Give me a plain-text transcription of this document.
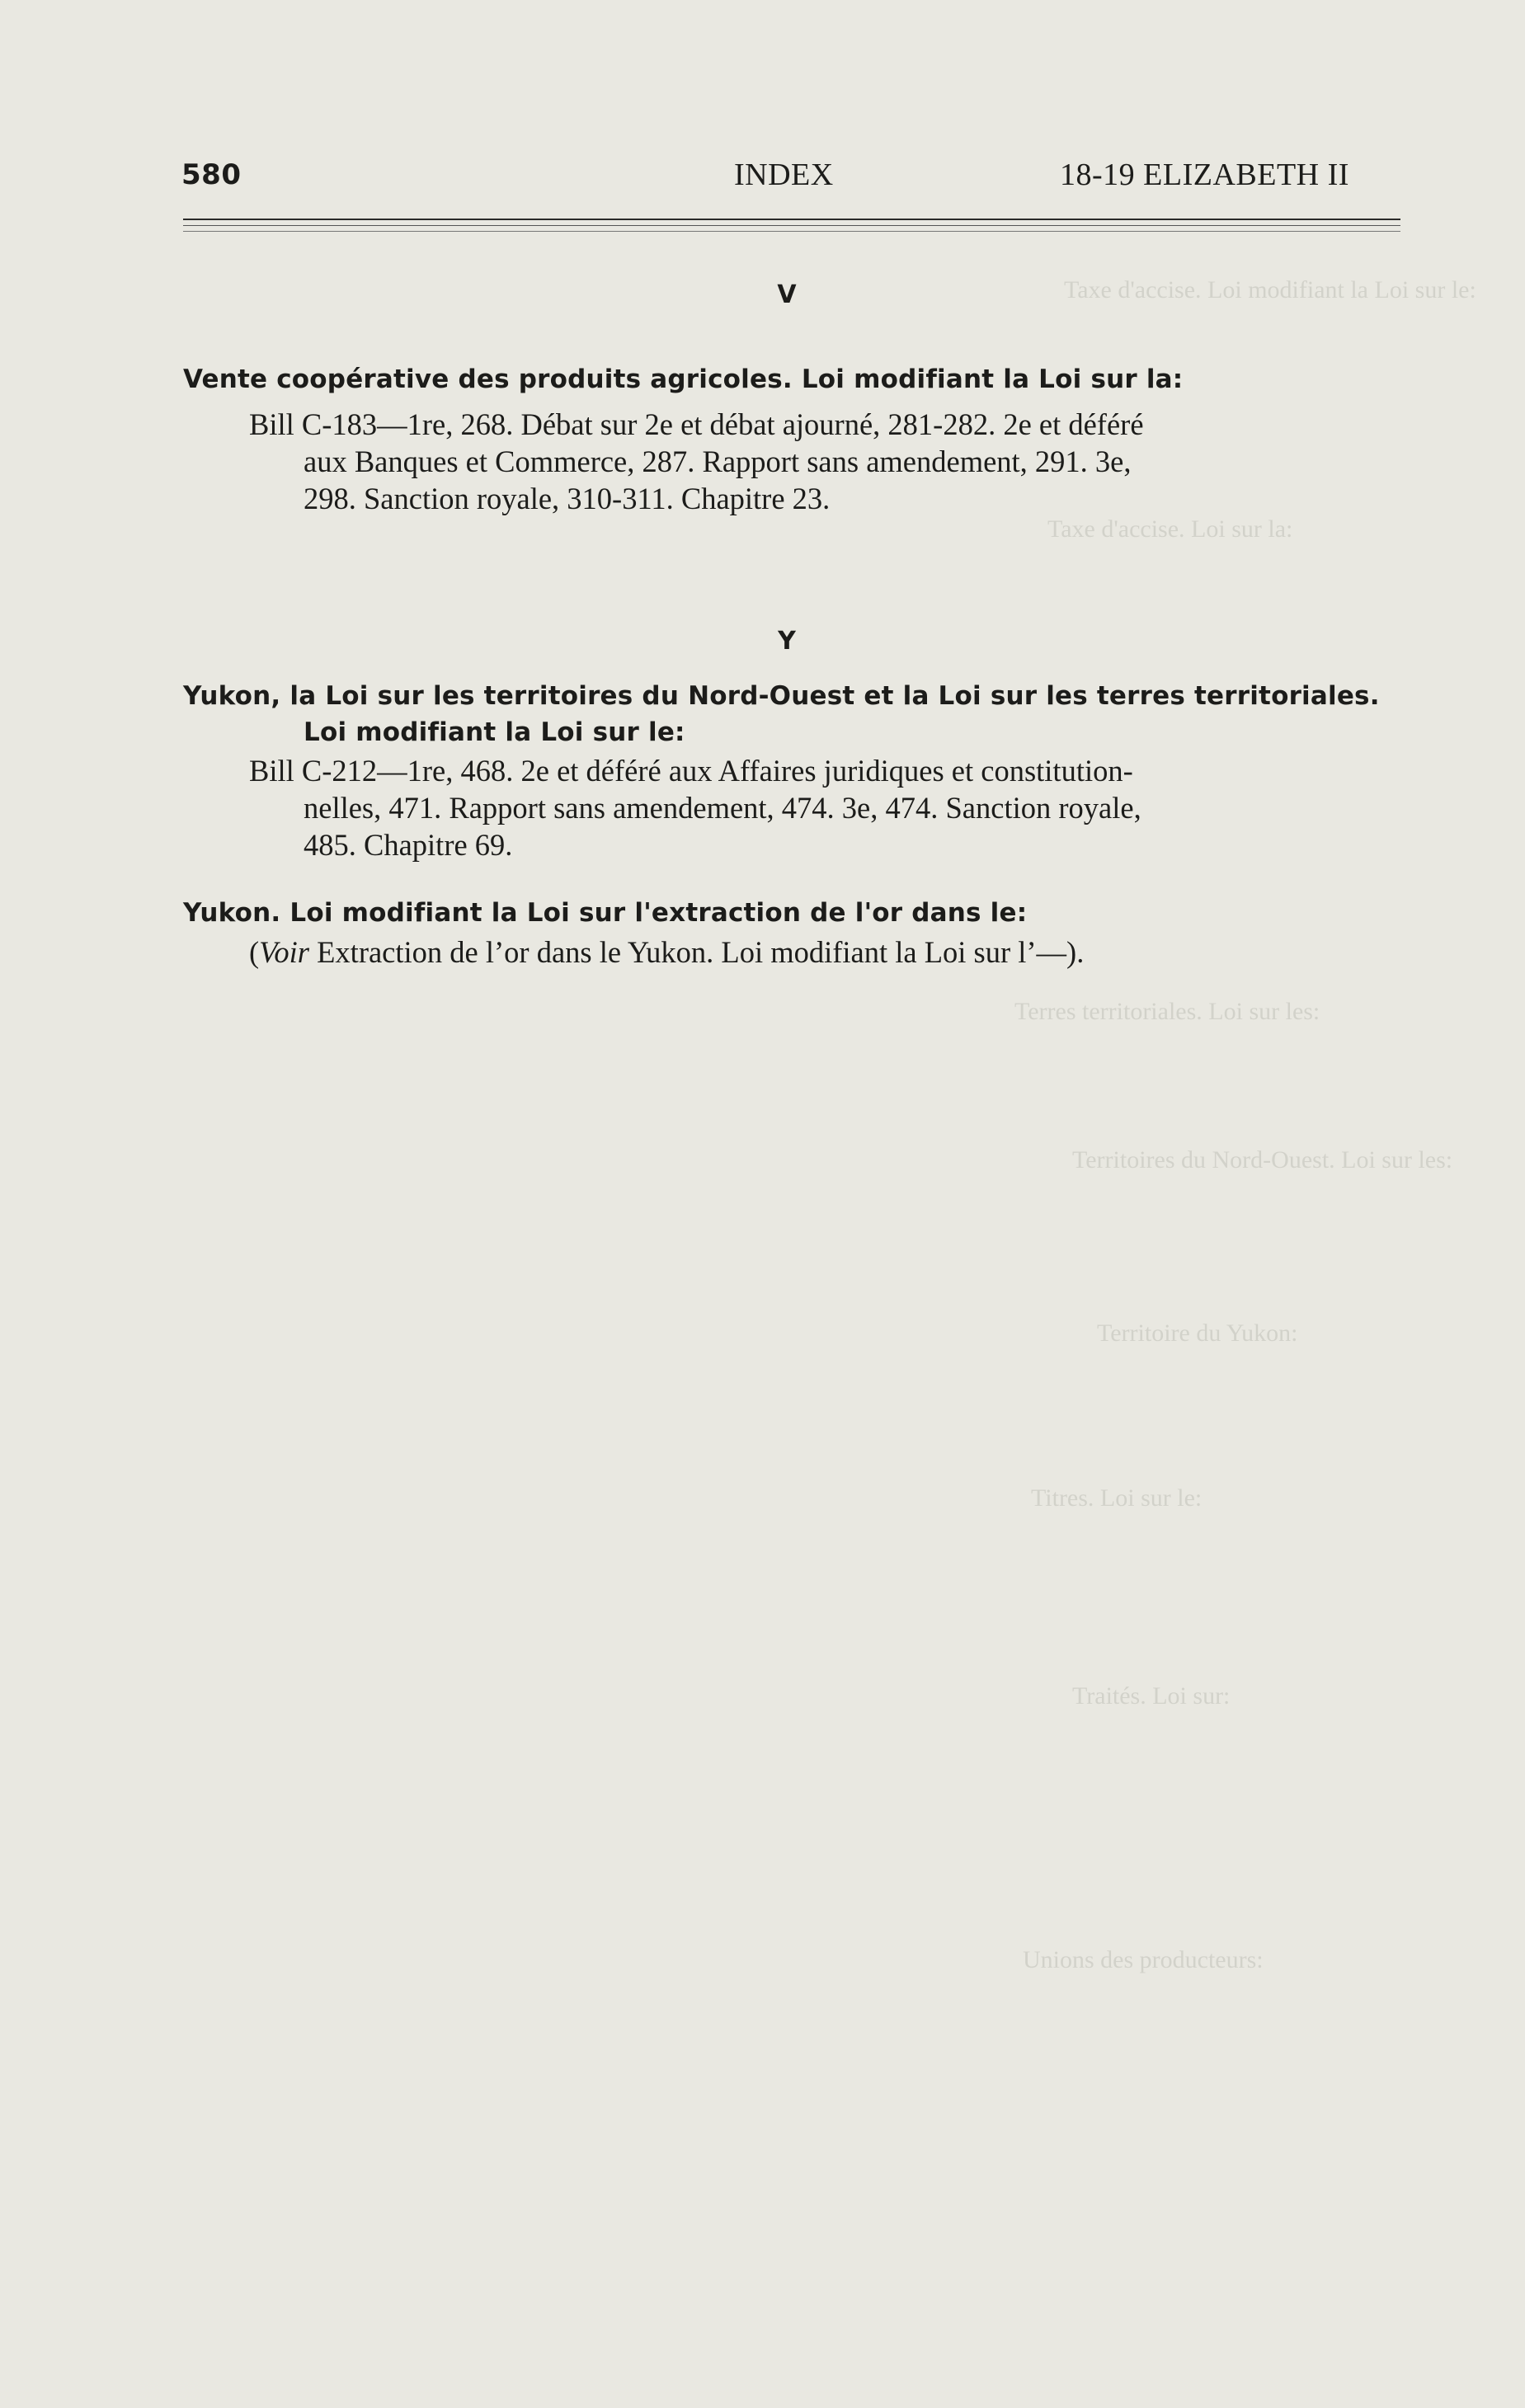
Taxe d'accise. Loi modifiant la Loi sur le:
Taxe d'accise. Loi sur la:
Terres territoriales. Loi sur les:
Territoires du Nord-Ouest. Loi sur les:
Territoire du Yukon:
Titres. Loi sur le:
Traités. Loi sur:
Unions des producteurs:
580	INDEX	18-19 ELIZABETH II
V
Vente coopérative des produits agricoles. Loi modifiant la Loi sur la:
Bill C-183—1re, 268. Débat sur 2e et débat ajourné, 281-282. 2e et déféré
aux Banques et Commerce, 287. Rapport sans amendement, 291. 3e,
298. Sanction royale, 310-311. Chapitre 23.
Y
Yukon, la Loi sur les territoires du Nord-Ouest et la Loi sur les terres territoriales.
Loi modifiant la Loi sur le:
Bill C-212—1re, 468. 2e et déféré aux Affaires juridiques et constitution-
nelles, 471. Rapport sans amendement, 474. 3e, 474. Sanction royale,
485. Chapitre 69.
Yukon. Loi modifiant la Loi sur l'extraction de l'or dans le:
(Voir Extraction de l’or dans le Yukon. Loi modifiant la Loi sur l’—).
